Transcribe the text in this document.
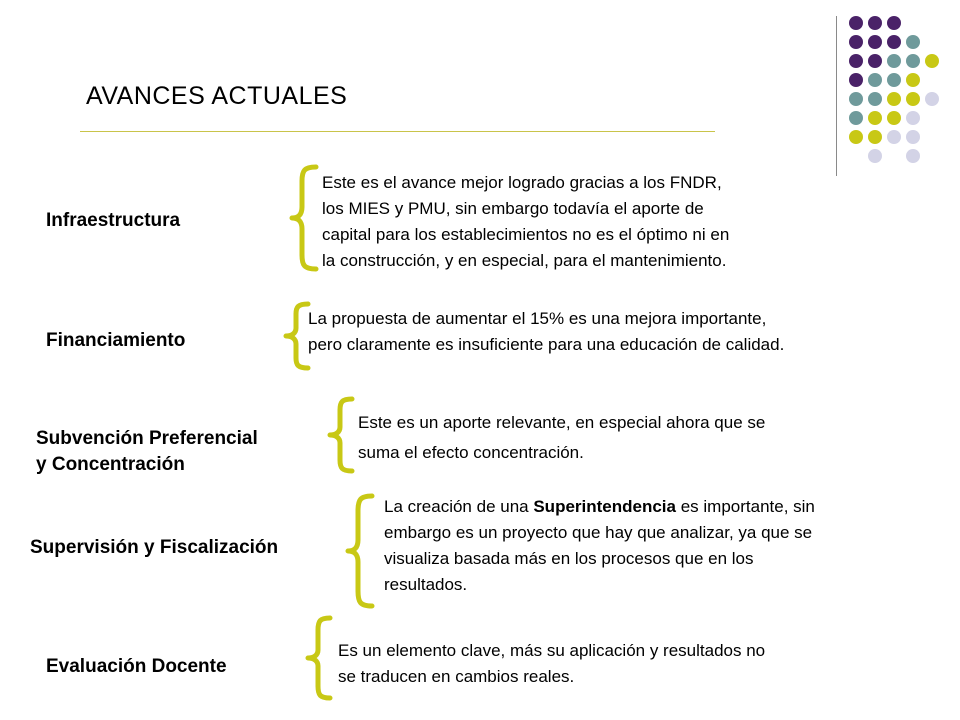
AVANCES ACTUALES
Infraestructura
Este es el avance mejor logrado gracias a los FNDR,
los MIES y PMU, sin embargo todavía el aporte de
capital para los establecimientos no es el óptimo ni en
la construcción, y en especial, para el mantenimiento.
Financiamiento
La propuesta de aumentar el 15% es una mejora importante,
pero claramente es insuficiente para una educación de calidad.
Subvención Preferencial
y Concentración
Este es un aporte relevante, en especial ahora que se
suma el efecto concentración.
Supervisión y Fiscalización
La creación de una Superintendencia es importante, sin
embargo es un proyecto que hay que analizar, ya que se
visualiza basada más en los procesos que en los
resultados.
Evaluación Docente
Es un elemento clave, más su aplicación y resultados no
se traducen en cambios reales.
